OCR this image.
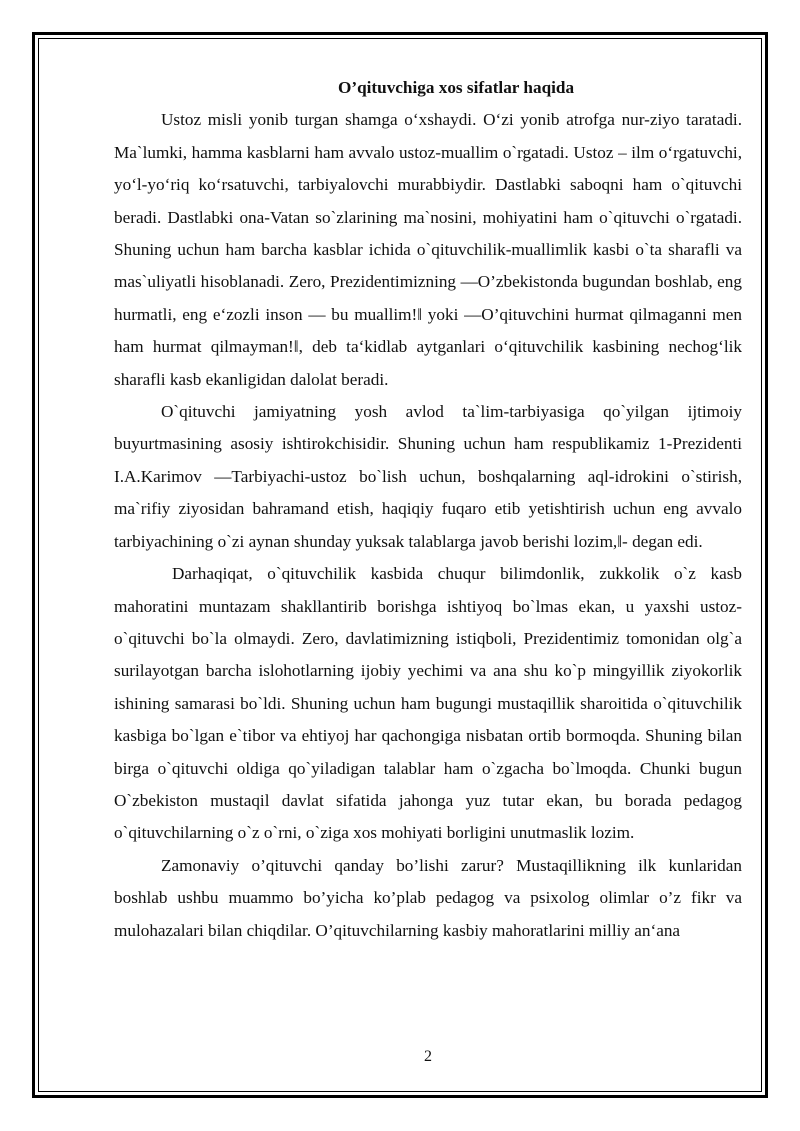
O’qituvchiga xos sifatlar haqida

Ustoz misli yonib turgan shamga o‘xshaydi. O‘zi yonib atrofga nur-ziyo taratadi. Ma`lumki, hamma kasblarni ham avvalo ustoz-muallim o`rgatadi. Ustoz – ilm o‘rgatuvchi, yo‘l-yo‘riq ko‘rsatuvchi, tarbiyalovchi murabbiydir. Dastlabki saboqni ham o`qituvchi beradi. Dastlabki ona-Vatan so`zlarining ma`nosini, mohiyatini ham o`qituvchi o`rgatadi. Shuning uchun ham barcha kasblar ichida o`qituvchilik-muallimlik kasbi o`ta sharafli va mas`uliyatli hisoblanadi. Zero, Prezidentimizning ―O’zbekistonda bugundan boshlab, eng hurmatli, eng e‘zozli inson ― bu muallim!‖ yoki ―O’qituvchini hurmat qilmaganni men ham hurmat qilmayman!‖, deb ta‘kidlab aytganlari o‘qituvchilik kasbining nechog‘lik sharafli kasb ekanligidan dalolat beradi.

O`qituvchi jamiyatning yosh avlod ta`lim-tarbiyasiga qo`yilgan ijtimoiy buyurtmasining asosiy ishtirokchisidir. Shuning uchun ham respublikamiz 1-Prezidenti I.A.Karimov ―Tarbiyachi-ustoz bo`lish uchun, boshqalarning aql-idrokini o`stirish, ma`rifiy ziyosidan bahramand etish, haqiqiy fuqaro etib yetishtirish uchun eng avvalo tarbiyachining o`zi aynan shunday yuksak talablarga javob berishi lozim,‖- degan edi.

Darhaqiqat, o`qituvchilik kasbida chuqur bilimdonlik, zukkolik o`z kasb mahoratini muntazam shakllantirib borishga ishtiyoq bo`lmas ekan, u yaxshi ustoz-o`qituvchi bo`la olmaydi. Zero, davlatimizning istiqboli, Prezidentimiz tomonidan olg`a surilayotgan barcha islohotlarning ijobiy yechimi va ana shu ko`p mingyillik ziyokorlik ishining samarasi bo`ldi. Shuning uchun ham bugungi mustaqillik sharoitida o`qituvchilik kasbiga bo`lgan e`tibor va ehtiyoj har qachongiga nisbatan ortib bormoqda. Shuning bilan birga o`qituvchi oldiga qo`yiladigan talablar ham o`zgacha bo`lmoqda. Chunki bugun O`zbekiston mustaqil davlat sifatida jahonga yuz tutar ekan, bu borada pedagog o`qituvchilarning o`z o`rni, o`ziga xos mohiyati borligini unutmaslik lozim.

Zamonaviy o’qituvchi qanday bo’lishi zarur? Mustaqillikning ilk kunlaridan boshlab ushbu muammo bo’yicha ko’plab pedagog va psixolog olimlar o’z fikr va mulohazalari bilan chiqdilar. O’qituvchilarning kasbiy mahoratlarini milliy an‘ana

2
